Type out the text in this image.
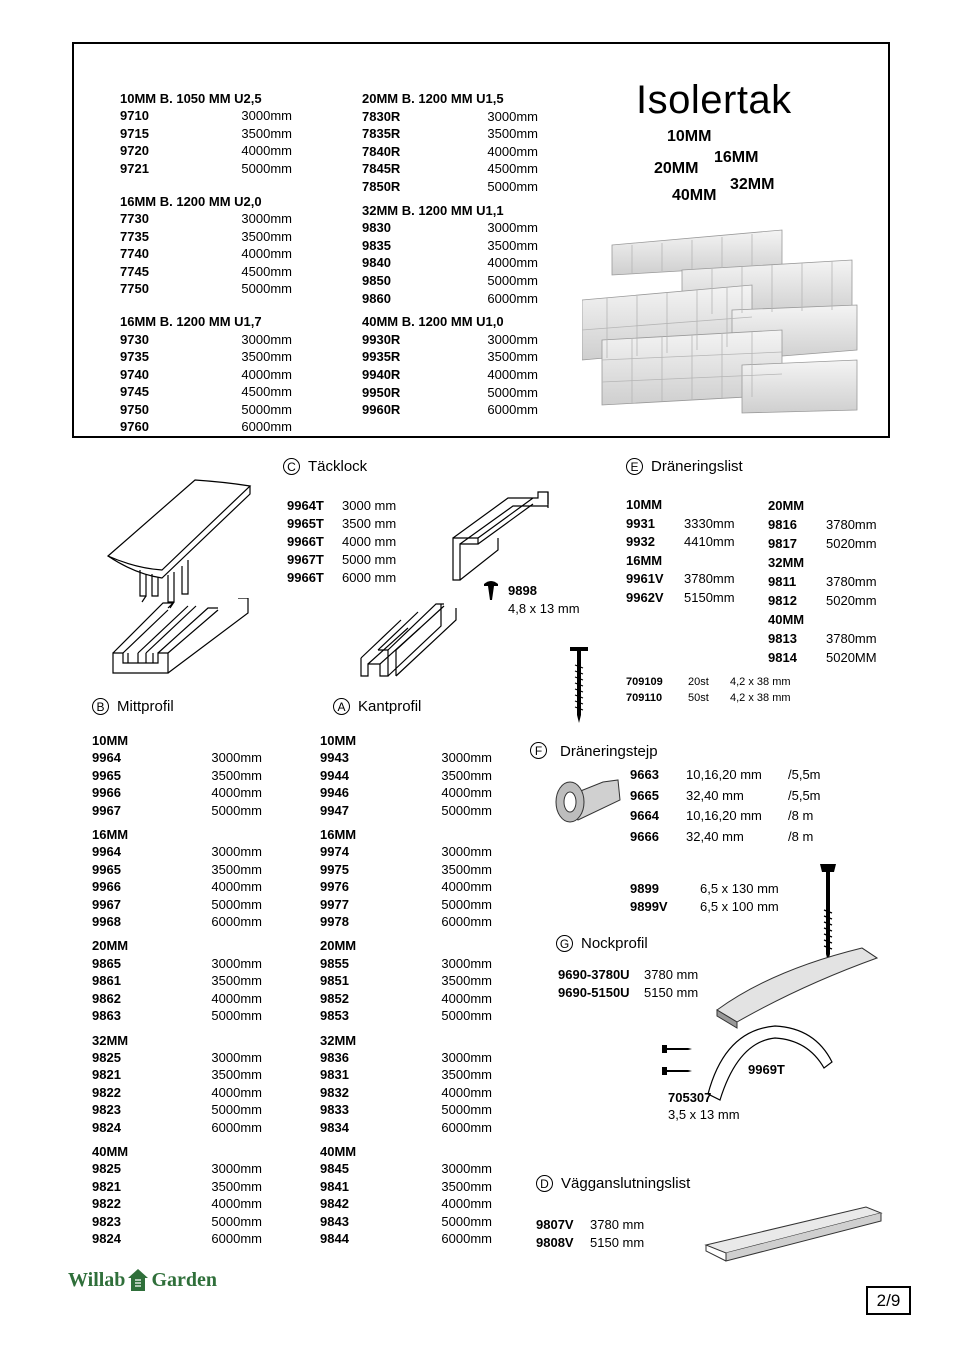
10MM B. 1050 MM U2,5
9710	3000mm
9715	3500mm
9720	4000mm
9721	5000mm
16MM B. 1200 MM U2,0
7730	3000mm
7735	3500mm
7740	4000mm
7745	4500mm
7750	5000mm
16MM B. 1200 MM U1,7
9730	3000mm
9735	3500mm
9740	4000mm
9745	4500mm
9750	5000mm
9760	6000mm
20MM B. 1200 MM U1,5
7830R	3000mm
7835R	3500mm
7840R	4000mm
7845R	4500mm
7850R	5000mm
32MM B. 1200 MM U1,1
9830	3000mm
9835	3500mm
9840	4000mm
9850	5000mm
9860	6000mm
40MM B. 1200 MM U1,0
9930R	3000mm
9935R	3500mm
9940R	4000mm
9950R	5000mm
9960R	6000mm
Isolertak
10MM
16MM
20MM
32MM
40MM
C Täcklock
9964T	3000 mm
9965T	3500 mm
9966T	4000 mm
9967T	5000 mm
9966T	6000 mm
9898
4,8 x 13 mm
E Dräneringslist
10MM
9931	3330mm
9932	4410mm
16MM
9961V	3780mm
9962V	5150mm
20MM
9816	3780mm
9817	5020mm
32MM
9811	3780mm
9812	5020mm
40MM
9813	3780mm
9814	5020MM
709109	20st	4,2 x 38 mm
709110	50st	4,2 x 38 mm
B Mittprofil	A Kantprofil
10MM
9964	3000mm
9965	3500mm
9966	4000mm
9967	5000mm
16MM
9964	3000mm
9965	3500mm
9966	4000mm
9967	5000mm
9968	6000mm
20MM
9865	3000mm
9861	3500mm
9862	4000mm
9863	5000mm
32MM
9825	3000mm
9821	3500mm
9822	4000mm
9823	5000mm
9824	6000mm
40MM
9825	3000mm
9821	3500mm
9822	4000mm
9823	5000mm
9824	6000mm
10MM
9943	3000mm
9944	3500mm
9946	4000mm
9947	5000mm
16MM
9974	3000mm
9975	3500mm
9976	4000mm
9977	5000mm
9978	6000mm
20MM
9855	3000mm
9851	3500mm
9852	4000mm
9853	5000mm
32MM
9836	3000mm
9831	3500mm
9832	4000mm
9833	5000mm
9834	6000mm
40MM
9845	3000mm
9841	3500mm
9842	4000mm
9843	5000mm
9844	6000mm
F	Dräneringstejp
9663	10,16,20 mm	/5,5m
9665	32,40 mm	/5,5m
9664	10,16,20 mm	/8 m
9666	32,40 mm	/8 m
9899	6,5 x 130 mm
9899V	6,5 x 100 mm
G Nockprofil
9690-3780U	3780 mm
9690-5150U	5150 mm
9969T
705307
3,5 x 13 mm
D Vägganslutningslist
9807V	3780 mm
9808V	5150 mm
Willab Garden
2/9
